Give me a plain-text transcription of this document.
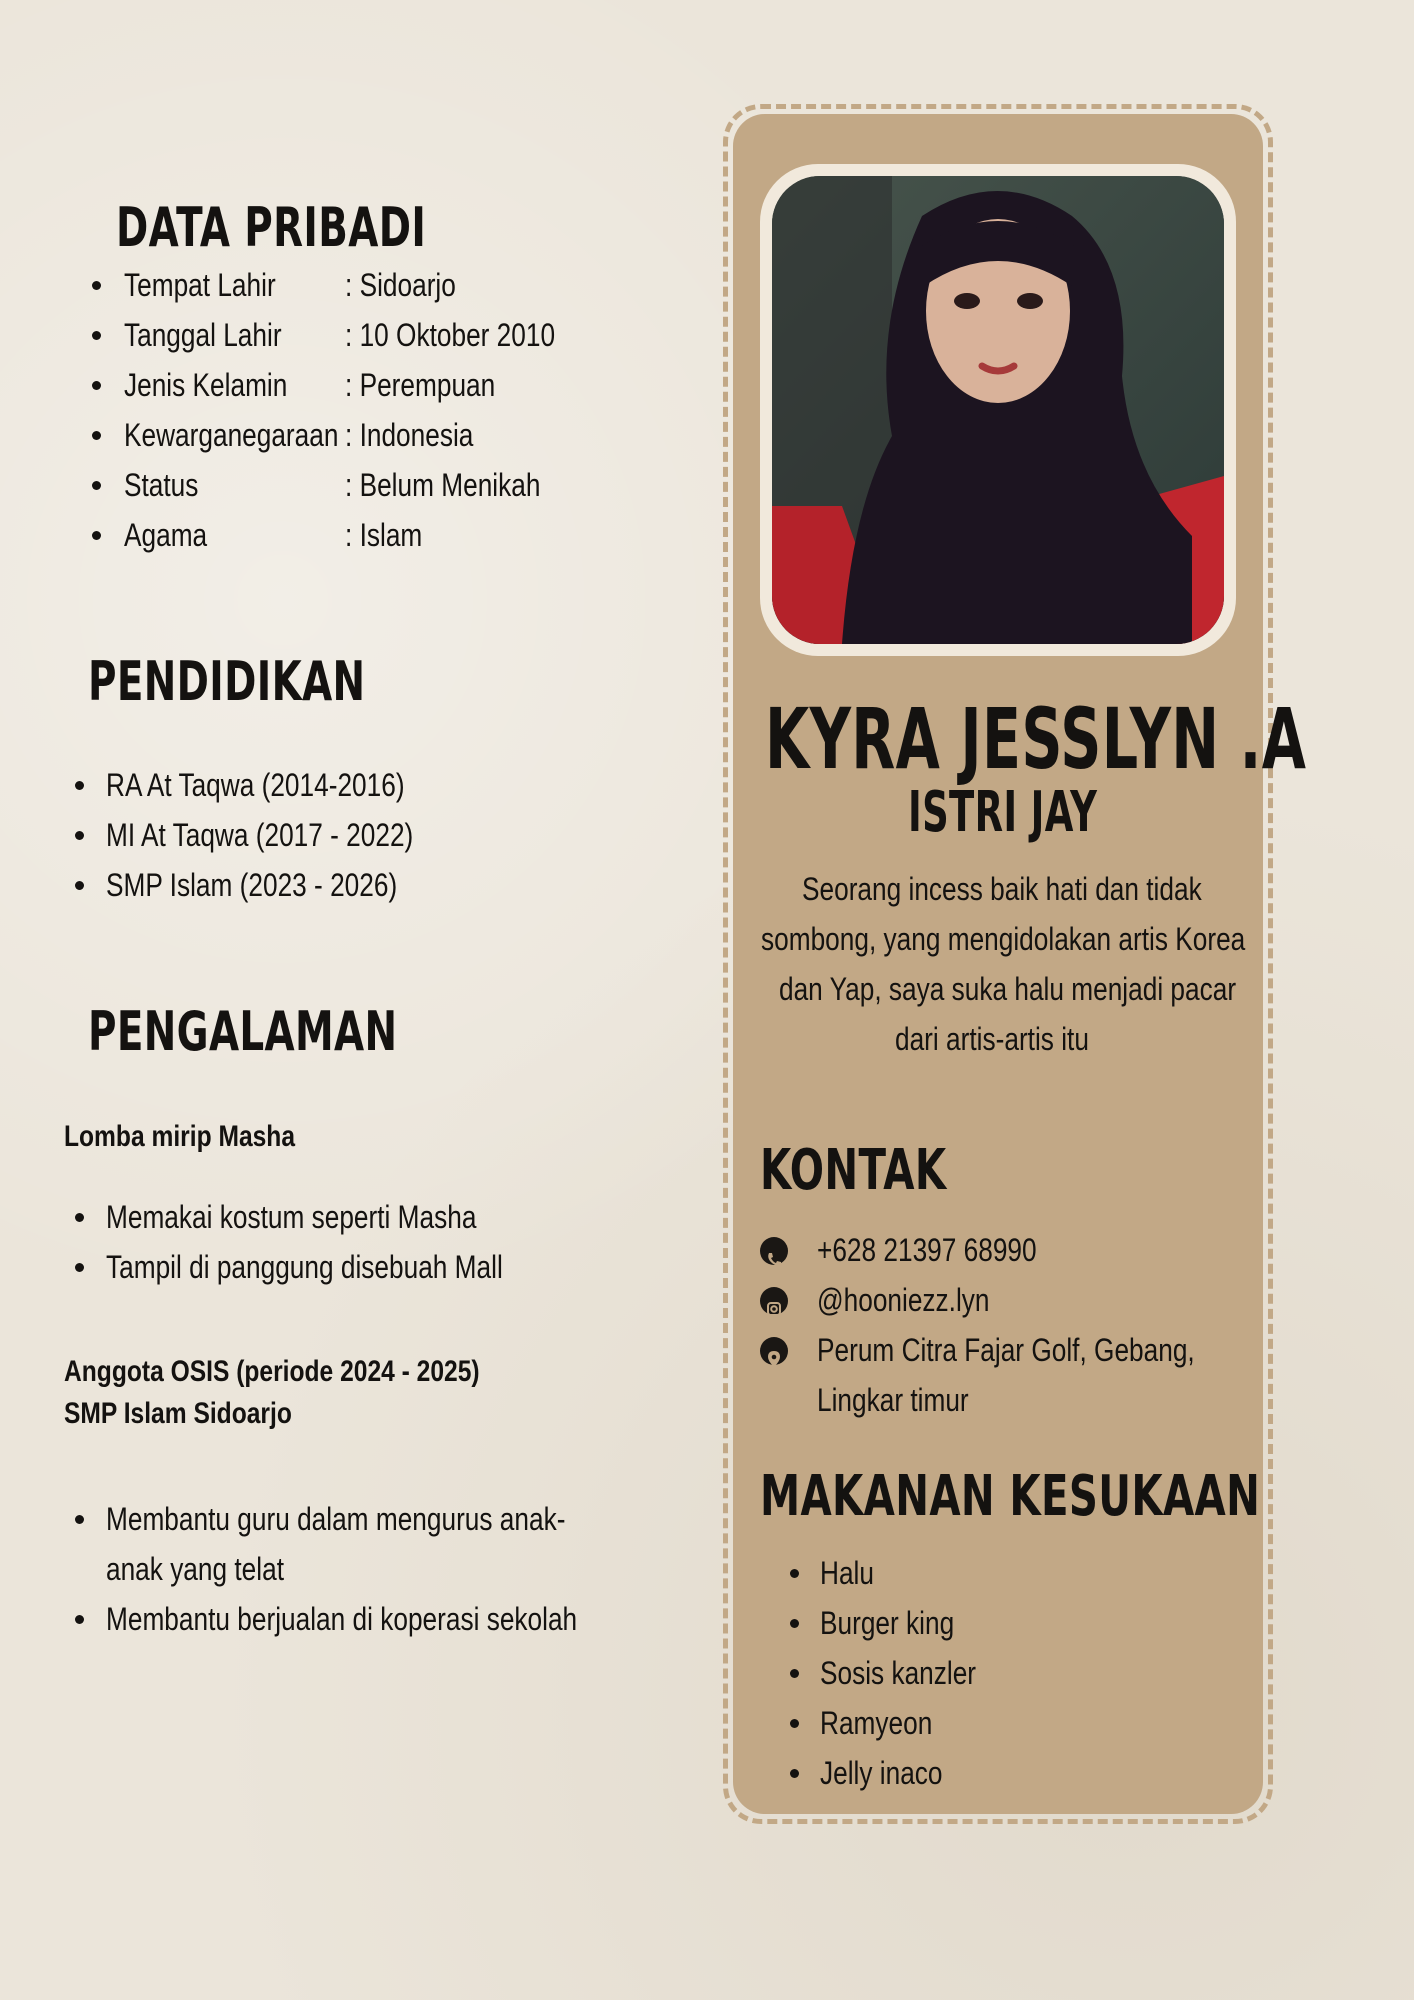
DATA PRIBADI
Tempat Lahir : Sidoarjo
Tanggal Lahir : 10 Oktober 2010
Jenis Kelamin : Perempuan
Kewarganegaraan : Indonesia
Status	: Belum Menikah
Agama	: Islam
PENDIDIKAN
RA At Taqwa (2014-2016)
MI At Taqwa (2017 - 2022)
SMP Islam (2023 - 2026)
PENGALAMAN
Lomba mirip Masha
Memakai kostum seperti Masha
Tampil di panggung disebuah Mall
Anggota OSIS (periode 2024 - 2025)
SMP Islam Sidoarjo
Membantu guru dalam mengurus anak-
anak yang telat
Membantu berjualan di koperasi sekolah
KYRA JESSLYN .A
ISTRI JAY
Seorang incess baik hati dan tidak
sombong, yang mengidolakan artis Korea
dan Yap, saya suka halu menjadi pacar
dari artis-artis itu
KONTAK
+628 21397 68990
@hooniezz.lyn
Perum Citra Fajar Golf, Gebang,
Lingkar timur
MAKANAN KESUKAAN
Halu
Burger king
Sosis kanzler
Ramyeon
Jelly inaco
